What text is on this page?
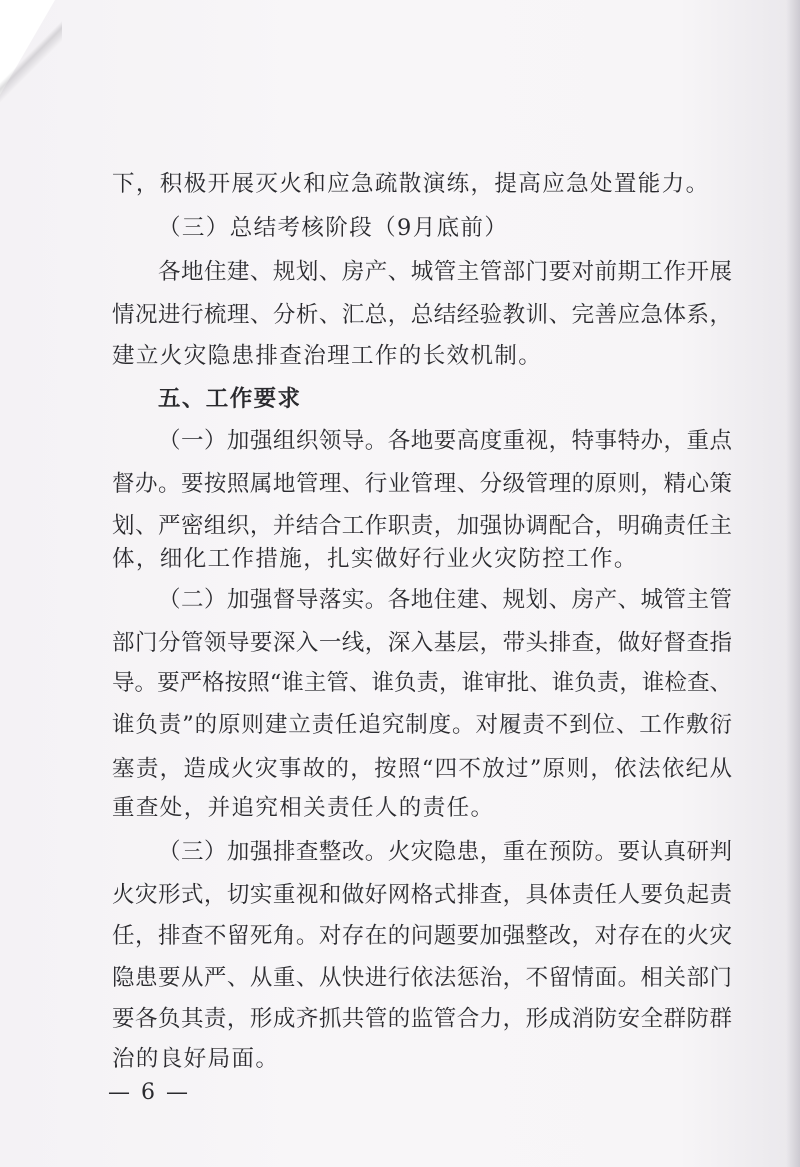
下，积极开展灭火和应急疏散演练，提高应急处置能力。
（三）总结考核阶段（9月底前）
各地住建、规划、房产、城管主管部门要对前期工作开展
情况进行梳理、分析、汇总，总结经验教训、完善应急体系，
建立火灾隐患排查治理工作的长效机制。
五、工作要求
（一）加强组织领导。各地要高度重视，特事特办，重点
督办。要按照属地管理、行业管理、分级管理的原则，精心策
划、严密组织，并结合工作职责，加强协调配合，明确责任主
体，细化工作措施，扎实做好行业火灾防控工作。
（二）加强督导落实。各地住建、规划、房产、城管主管
部门分管领导要深入一线，深入基层，带头排查，做好督查指
导。要严格按照“谁主管、谁负责，谁审批、谁负责，谁检查、
谁负责”的原则建立责任追究制度。对履责不到位、工作敷衍
塞责，造成火灾事故的，按照“四不放过”原则，依法依纪从
重查处，并追究相关责任人的责任。
（三）加强排查整改。火灾隐患，重在预防。要认真研判
火灾形式，切实重视和做好网格式排查，具体责任人要负起责
任，排查不留死角。对存在的问题要加强整改，对存在的火灾
隐患要从严、从重、从快进行依法惩治，不留情面。相关部门
要各负其责，形成齐抓共管的监管合力，形成消防安全群防群
治的良好局面。
— 6 —
